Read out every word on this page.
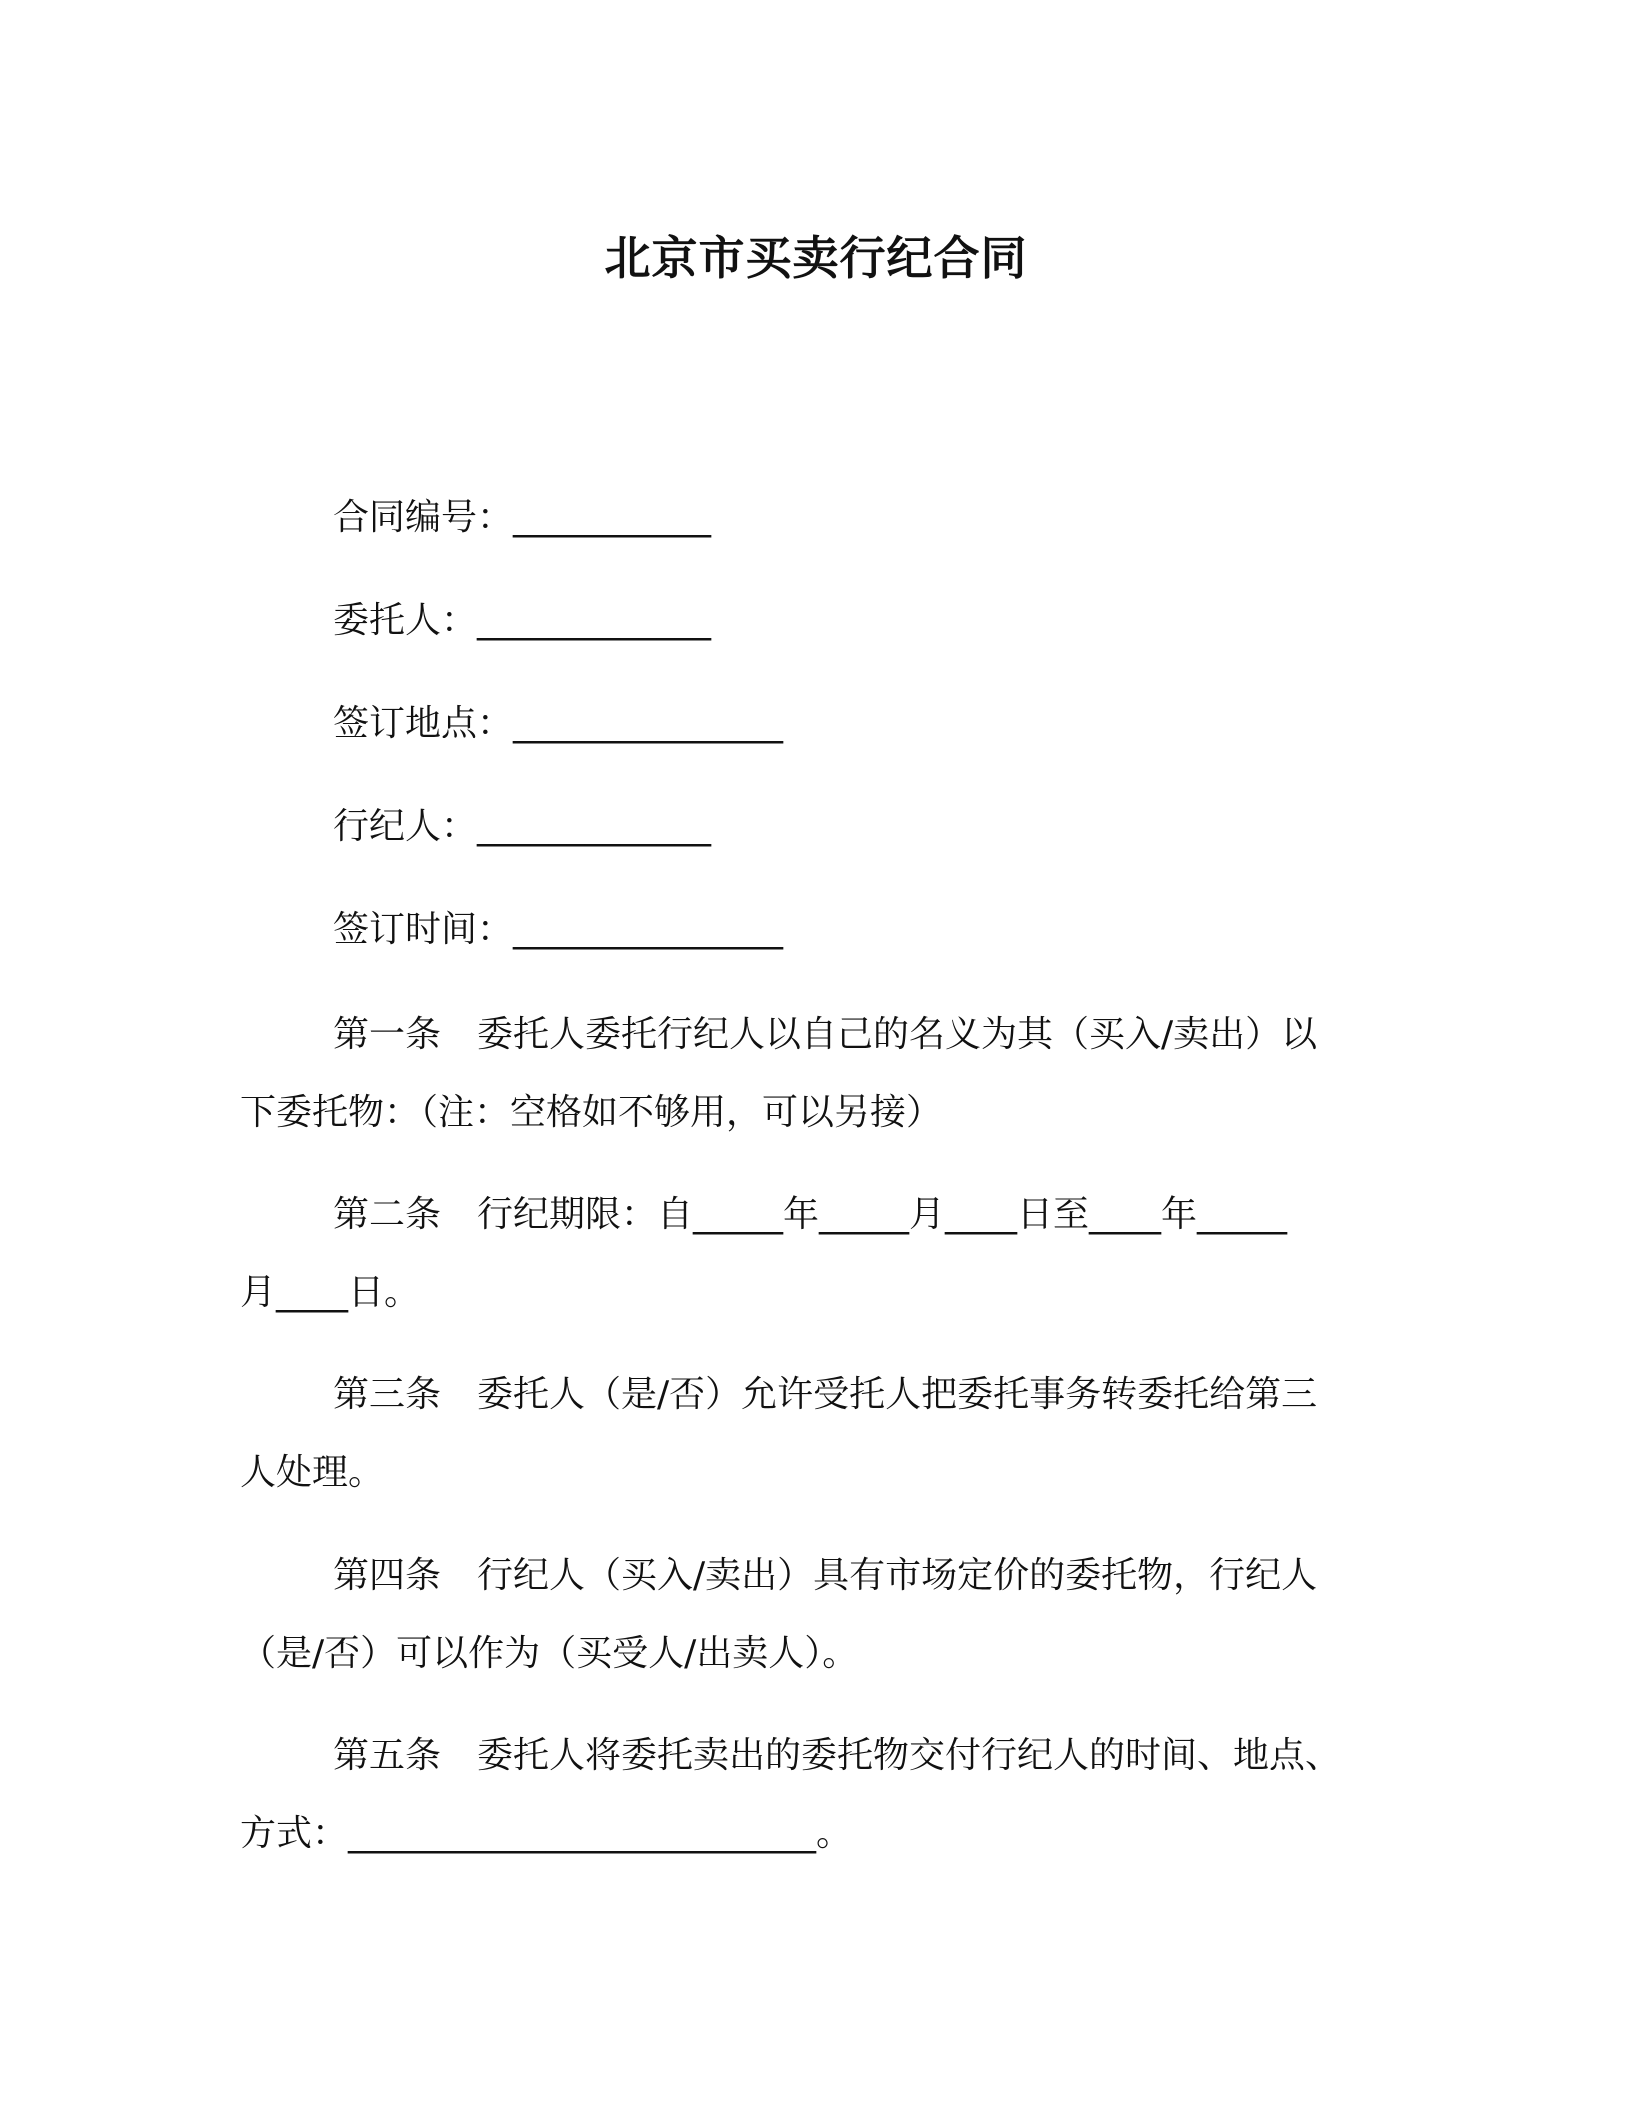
北京市买卖行纪合同
合同编号：___________
委托人：_____________
签订地点：_______________
行纪人：_____________
签订时间：_______________
第一条 委托人委托行纪人以自己的名义为其（买入/卖出）以
下委托物：（注：空格如不够用，可以另接）
第二条 行纪期限：自_____年_____月____日至____年_____
月____日。
第三条 委托人（是/否）允许受托人把委托事务转委托给第三
人处理。
第四条 行纪人（买入/卖出）具有市场定价的委托物，行纪人
（是/否）可以作为（买受人/出卖人）。
第五条 委托人将委托卖出的委托物交付行纪人的时间、地点、
方式：__________________________。
